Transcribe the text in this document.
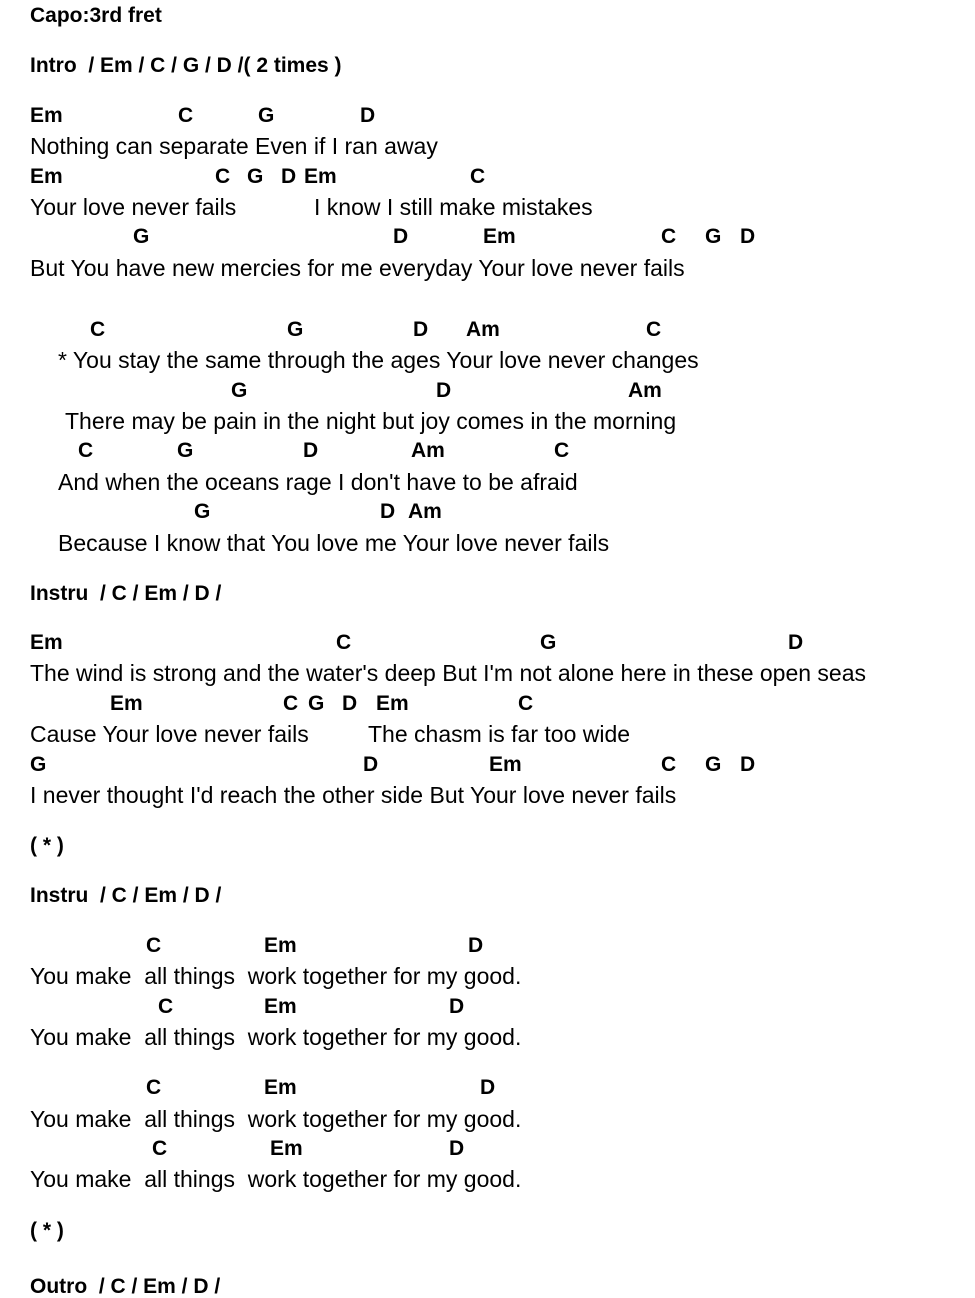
Capo:3rd fret
Intro  / Em / C / G / D /( 2 times )
Em	C	G	D
Nothing can separate Even if I ran away
Em	C G D Em	C
Your love never fails	I know I still make mistakes
G	D	Em	C G D
But You have new mercies for me everyday Your love never fails
C	G	D Am	C
* You stay the same through the ages Your love never changes
G	D	Am
There may be pain in the night but joy comes in the morning
C	G	D	Am	C
And when the oceans rage I don't have to be afraid
G	D Am
Because I know that You love me Your love never fails
Instru  / C / Em / D /
Em	C	G	D
The wind is strong and the water's deep But I'm not alone here in these open seas
Em	C G D Em	C
Cause Your love never fails	The chasm is far too wide
G	D	Em	C G D
I never thought I'd reach the other side But Your love never fails
( * )
Instru  / C / Em / D /
C	Em	D
You make  all things  work together for my good.
C	Em	D
You make  all things  work together for my good.
C	Em	D
You make  all things  work together for my good.
C	Em	D
You make  all things  work together for my good.
( * )
Outro  / C / Em / D /
